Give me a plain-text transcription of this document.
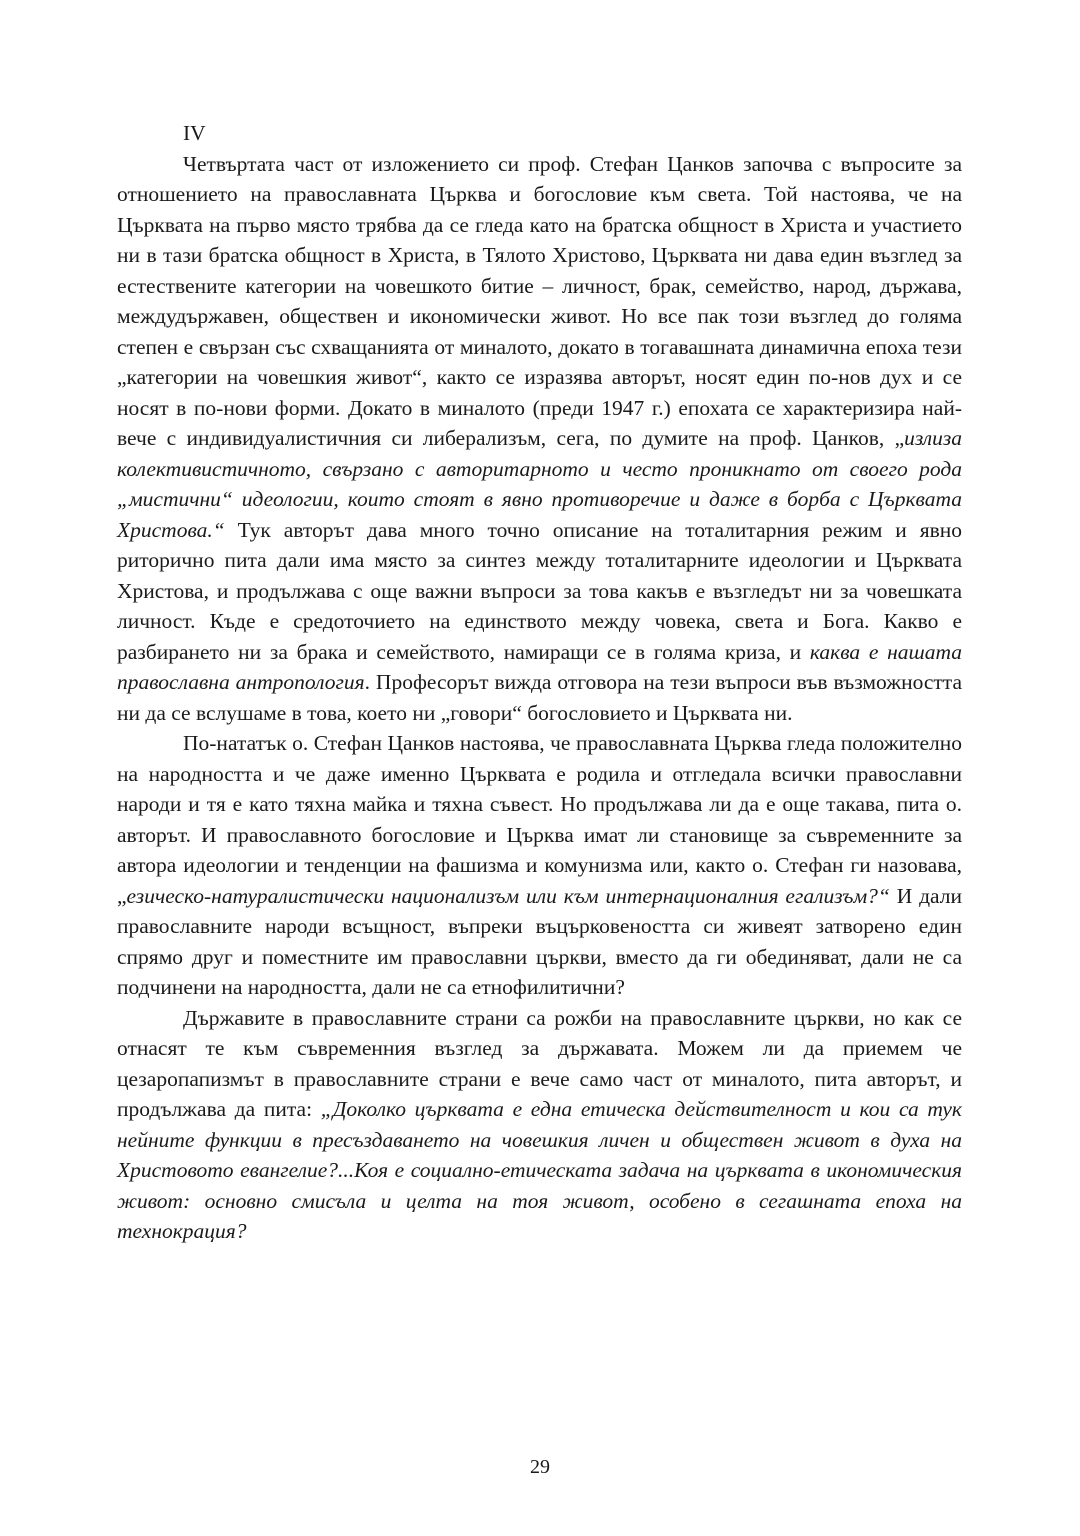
IV

Четвъртата част от изложението си проф. Стефан Цанков започва с въпросите за отношението на православната Църква и богословие към света. Той настоява, че на Църквата на първо място трябва да се гледа като на братска общност в Христа и участието ни в тази братска общност в Христа, в Тялото Христово, Църквата ни дава един възглед за естествените категории на човешкото битие – личност, брак, семейство, народ, държава, междудържавен, обществен и икономически живот. Но все пак този възглед до голяма степен е свързан със схващанията от миналото, докато в тогавашната динамична епоха тези „категории на човешкия живот“, както се изразява авторът, носят един по-нов дух и се носят в по-нови форми. Докато в миналото (преди 1947 г.) епохата се характеризира най-вече с индивидуалистичния си либерализъм, сега, по думите на проф. Цанков, „излиза колективистичното, свързано с авторитарното и често проникнато от своего рода „мистични“ идеологии, които стоят в явно противоречие и даже в борба с Църквата Христова.“ Тук авторът дава много точно описание на тоталитарния режим и явно риторично пита дали има място за синтез между тоталитарните идеологии и Църквата Христова, и продължава с още важни въпроси за това какъв е възгледът ни за човешката личност. Къде е средоточието на единството между човека, света и Бога. Какво е разбирането ни за брака и семейството, намиращи се в голяма криза, и каква е нашата православна антропология. Професорът вижда отговора на тези въпроси във възможността ни да се вслушаме в това, което ни „говори“ богословието и Църквата ни.

По-нататък о. Стефан Цанков настоява, че православната Църква гледа положително на народността и че даже именно Църквата е родила и отгледала всички православни народи и тя е като тяхна майка и тяхна съвест. Но продължава ли да е още такава, пита о. авторът. И православното богословие и Църква имат ли становище за съвременните за автора идеологии и тенденции на фашизма и комунизма или, както о. Стефан ги назовава, „езическо-натуралистически национализъм или към интернационалния егализъм?“ И дали православните народи всъщност, въпреки въцърковеността си живеят затворено един спрямо друг и поместните им православни църкви, вместо да ги обединяват, дали не са подчинени на народността, дали не са етнофилитични?

Държавите в православните страни са рожби на православните църкви, но как се отнасят те към съвременния възглед за държавата. Можем ли да приемем че цезаропапизмът в православните страни е вече само част от миналото, пита авторът, и продължава да пита: „Доколко църквата е една етическа действителност и кои са тук нейните функции в пресъздаването на човешкия личен и обществен живот в духа на Христовото евангелие?...Коя е социално-етическата задача на църквата в икономическия живот: основно смисъла и целта на тоя живот, особено в сегашната епоха на технокрация?

29
